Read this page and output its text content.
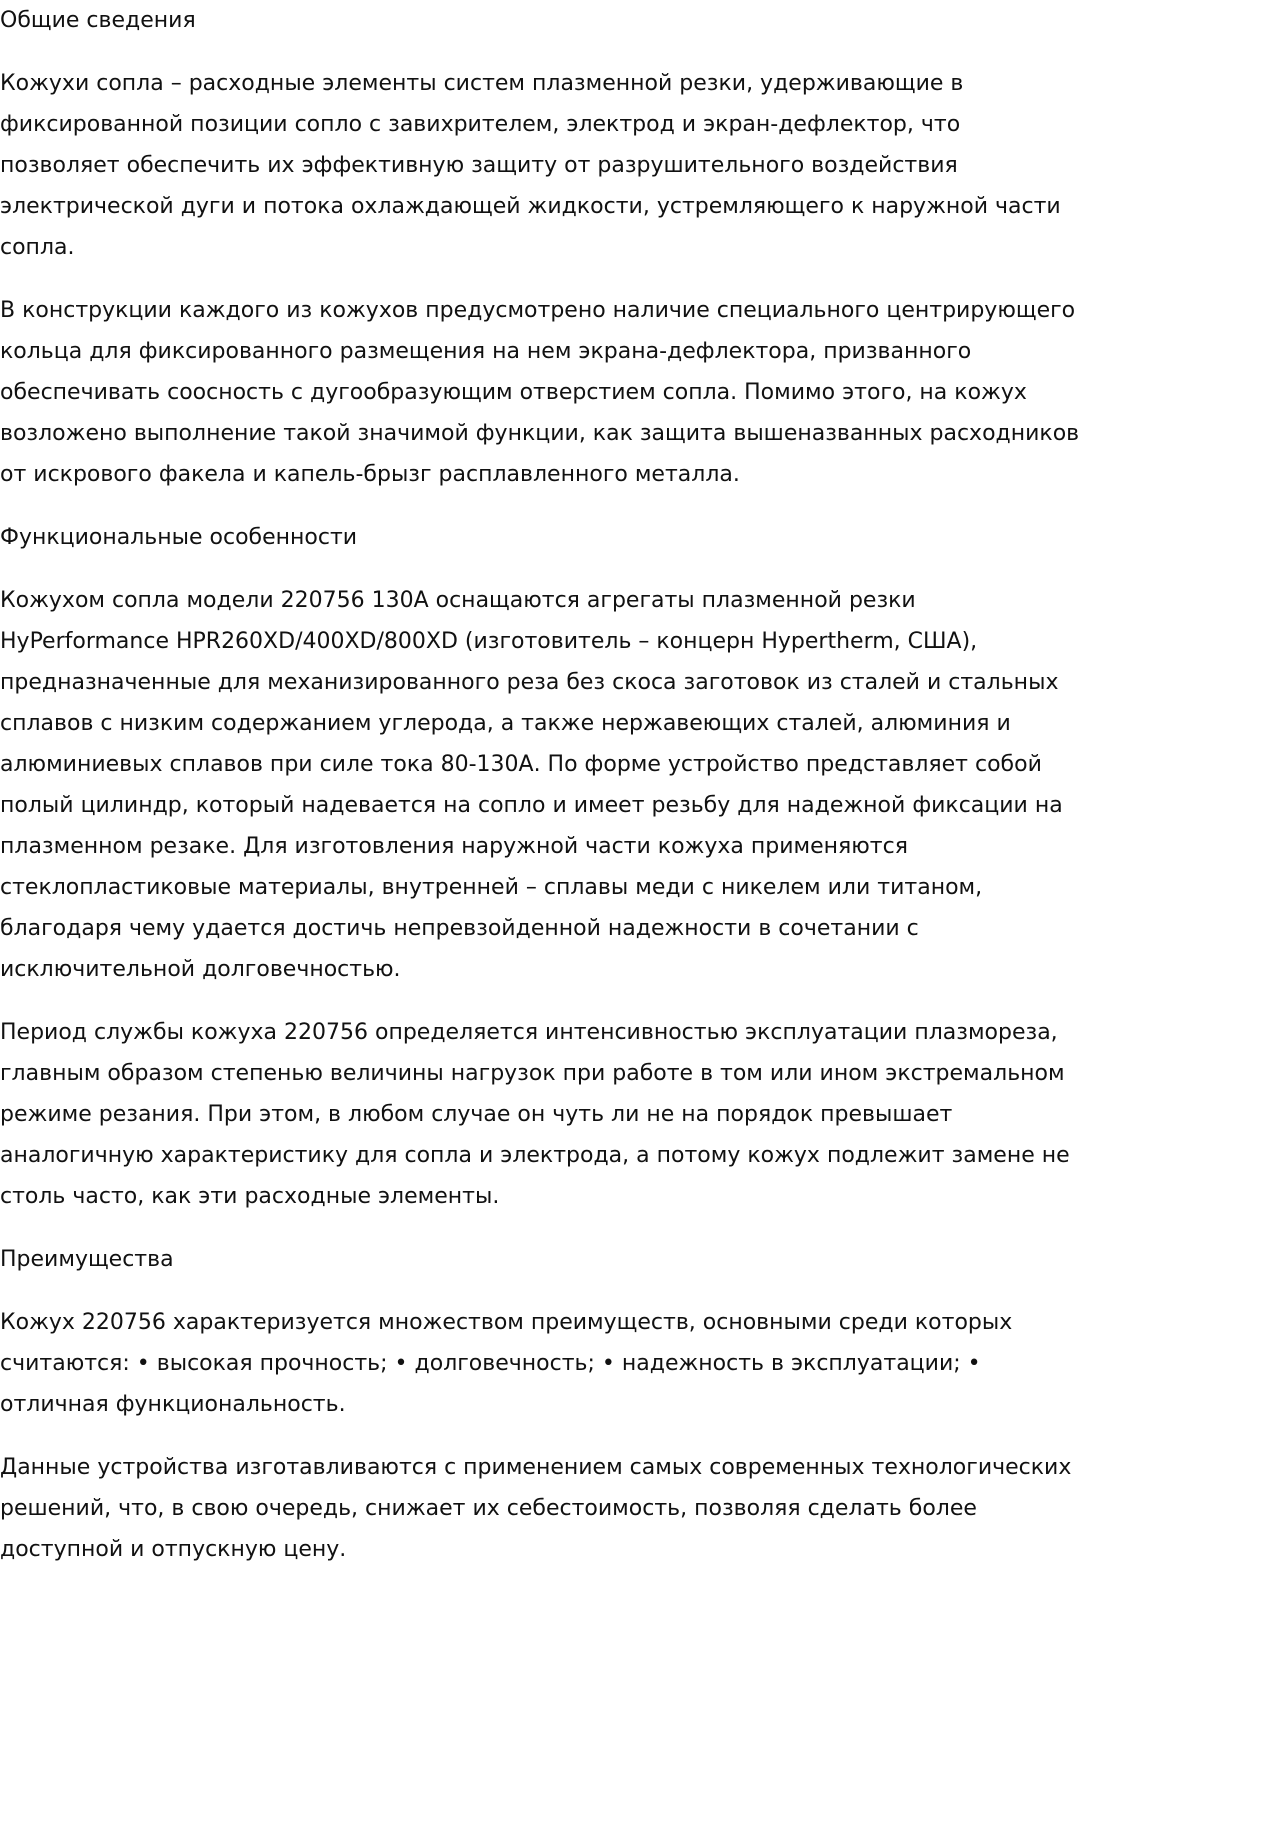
Общие сведения

Кожухи сопла – расходные элементы систем плазменной резки, удерживающие в фиксированной позиции сопло с завихрителем, электрод и экран-дефлектор, что позволяет обеспечить их эффективную защиту от разрушительного воздействия электрической дуги и потока охлаждающей жидкости, устремляющего к наружной части сопла.

В конструкции каждого из кожухов предусмотрено наличие специального центрирующего кольца для фиксированного размещения на нем экрана-дефлектора, призванного обеспечивать соосность с дугообразующим отверстием сопла. Помимо этого, на кожух возложено выполнение такой значимой функции, как защита вышеназванных расходников от искрового факела и капель-брызг расплавленного металла.

Функциональные особенности

Кожухом сопла модели 220756 130А оснащаются агрегаты плазменной резки HyPerformance HPR260XD/400XD/800XD (изготовитель – концерн Hypertherm, США), предназначенные для механизированного реза без скоса заготовок из сталей и стальных сплавов с низким содержанием углерода, а также нержавеющих сталей, алюминия и алюминиевых сплавов при силе тока 80-130А. По форме устройство представляет собой полый цилиндр, который надевается на сопло и имеет резьбу для надежной фиксации на плазменном резаке. Для изготовления наружной части кожуха применяются стеклопластиковые материалы, внутренней – сплавы меди с никелем или титаном, благодаря чему удается достичь непревзойденной надежности в сочетании с исключительной долговечностью.

Период службы кожуха 220756 определяется интенсивностью эксплуатации плазмореза, главным образом степенью величины нагрузок при работе в том или ином экстремальном режиме резания. При этом, в любом случае он чуть ли не на порядок превышает аналогичную характеристику для сопла и электрода, а потому кожух подлежит замене не столь часто, как эти расходные элементы.

Преимущества

Кожух 220756 характеризуется множеством преимуществ, основными среди которых считаются: • высокая прочность; • долговечность; • надежность в эксплуатации; • отличная функциональность.

Данные устройства изготавливаются с применением самых современных технологических решений, что, в свою очередь, снижает их себестоимость, позволяя сделать более доступной и отпускную цену.
